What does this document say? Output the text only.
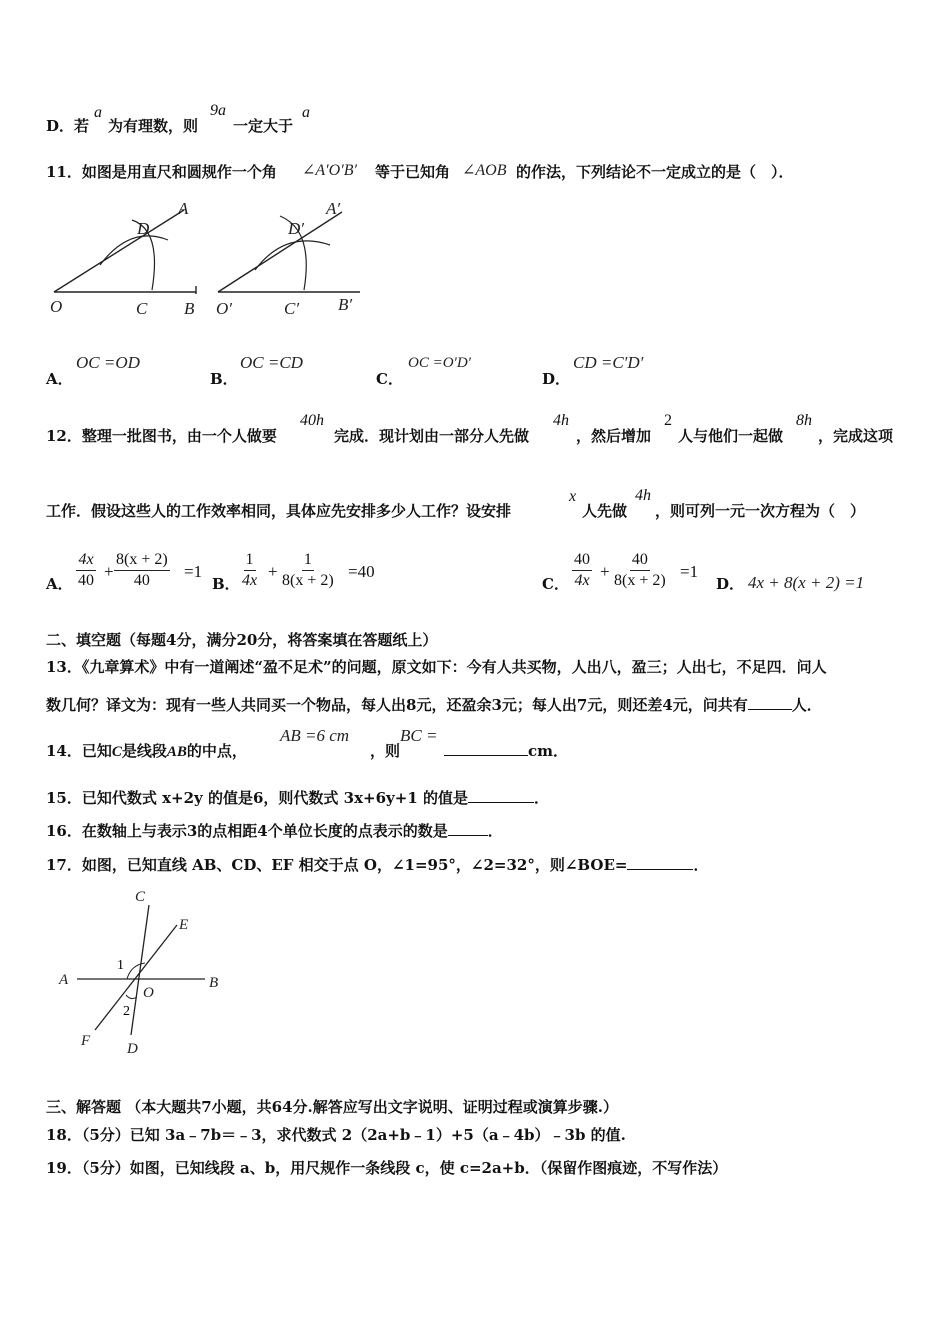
D．若
a
为有理数，则
9a
一定大于
a
11．如图是用直尺和圆规作一个角 ∠A′O′B′ 等于已知角 ∠AOB 的作法，下列结论不一定成立的是（　）．
A
D
O	C B
A′
D′
O′	C′ B′
A．
OC =OD
B．
OC =CD
C．
OC =O′D′
D．
CD =C′D′
12．整理一批图书，由一个人做要
40h
完成．现计划由一部分人先做
4h
，然后增加
2
人与他们一起做
8h
，完成这项
工作．假设这些人的工作效率相同，具体应先安排多少人工作？设安排
x
人先做
4h
，则可列一元一次方程为（　）
A． $\frac{4x}{40} + \frac{8(x + 2)}{40} =1$
B． $\frac{1}{4x} + \frac{1}{8(x + 2)} =40$
C． $\frac{40}{4x} + \frac{40}{8(x + 2)} =1$
D． 4x + 8(x + 2) =1
二、填空题（每题4分，满分20分，将答案填在答题纸上）
13．《九章算术》中有一道阐述“盈不足术”的问题，原文如下：今有人共买物，人出八，盈三；人出七，不足四．问人
数几何？译文为：现有一些人共同买一个物品，每人出8元，还盈余3元；每人出7元，则还差4元，问共有	人．
14．已知C是线段AB的中点，
AB =6 cm
，则
BC =
cm．
15．已知代数式 x+2y 的值是6，则代数式 3x+6y+1 的值是	．
16．在数轴上与表示3的点相距4个单位长度的点表示的数是	．
17．如图，已知直线 AB、CD、EF 相交于点 O，∠1=95°，∠2=32°，则∠BOE=	．
C
E
A	B
O
F D
1
2
三、解答题 （本大题共7小题，共64分.解答应写出文字说明、证明过程或演算步骤.）
18．（5分）已知 3a﹣7b＝﹣3，求代数式 2（2a+b﹣1）+5（a﹣4b）﹣3b 的值.
19．（5分）如图，已知线段 a、b，用尺规作一条线段 c，使 c=2a+b．（保留作图痕迹，不写作法）
